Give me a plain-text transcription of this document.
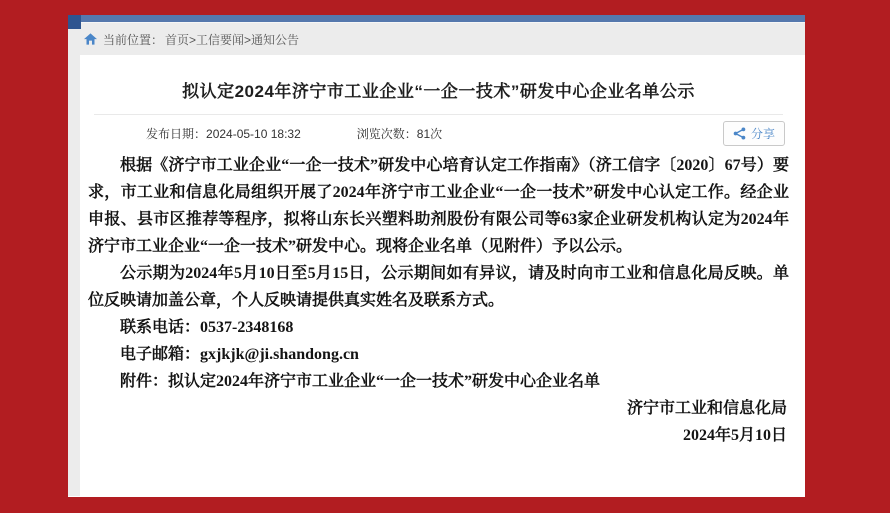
当前位置： 首页>工信要闻>通知公告
拟认定2024年济宁市工业企业“一企一技术”研发中心企业名单公示
发布日期：2024-05-10 18:32	浏览次数：81次	分享

根据《济宁市工业企业“一企一技术”研发中心培育认定工作指南》（济工信字〔2020〕67号）要求，市工业和信息化局组织开展了2024年济宁市工业企业“一企一技术”研发中心认定工作。经企业申报、县市区推荐等程序，拟将山东长兴塑料助剂股份有限公司等63家企业研发机构认定为2024年济宁市工业企业“一企一技术”研发中心。现将企业名单（见附件）予以公示。

公示期为2024年5月10日至5月15日，公示期间如有异议，请及时向市工业和信息化局反映。单位反映请加盖公章，个人反映请提供真实姓名及联系方式。

联系电话：0537-2348168

电子邮箱：gxjkjk@ji.shandong.cn

附件：拟认定2024年济宁市工业企业“一企一技术”研发中心企业名单

济宁市工业和信息化局

2024年5月10日
